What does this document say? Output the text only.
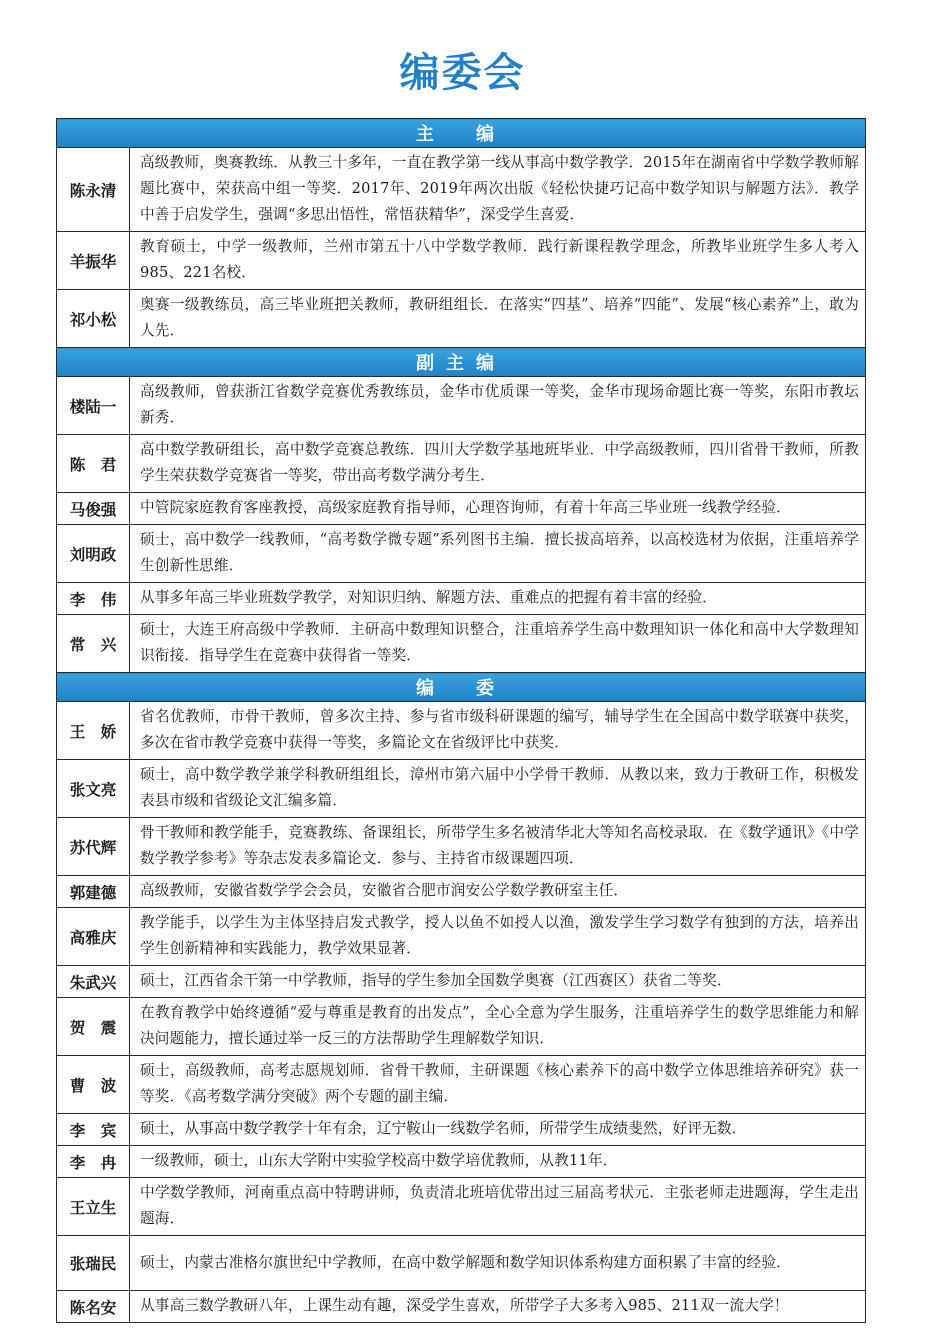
编委会
主　编	
陈永清	高级教师，奥赛教练．从教三十多年，一直在教学第一线从事高中数学教学．2015年在湖南省中学数学教师解题比赛中，荣获高中组一等奖．2017年、2019年两次出版《轻松快捷巧记高中数学知识与解题方法》．教学中善于启发学生，强调“多思出悟性，常悟获精华”，深受学生喜爱．
羊振华	教育硕士，中学一级教师，兰州市第五十八中学数学教师．践行新课程教学理念，所教毕业班学生多人考入985、221名校．
祁小松	奥赛一级教练员，高三毕业班把关教师，教研组组长．在落实“四基”、培养“四能”、发展“核心素养”上，敢为人先．
副主编	
楼陆一	高级教师，曾获浙江省数学竞赛优秀教练员，金华市优质课一等奖，金华市现场命题比赛一等奖，东阳市教坛新秀．
陈　君	高中数学教研组长，高中数学竞赛总教练．四川大学数学基地班毕业．中学高级教师，四川省骨干教师，所教学生荣获数学竞赛省一等奖，带出高考数学满分考生．
马俊强	中管院家庭教育客座教授，高级家庭教育指导师，心理咨询师，有着十年高三毕业班一线教学经验．
刘明政	硕士，高中数学一线教师，“高考数学微专题”系列图书主编．擅长拔高培养，以高校选材为依据，注重培养学生创新性思维．
李　伟	从事多年高三毕业班数学教学，对知识归纳、解题方法、重难点的把握有着丰富的经验．
常　兴	硕士，大连王府高级中学教师．主研高中数理知识整合，注重培养学生高中数理知识一体化和高中大学数理知识衔接．指导学生在竞赛中获得省一等奖．
编　委	
王　娇	省名优教师，市骨干教师，曾多次主持、参与省市级科研课题的编写，辅导学生在全国高中数学联赛中获奖，多次在省市教学竞赛中获得一等奖，多篇论文在省级评比中获奖．
张文亮	硕士，高中数学教学兼学科教研组组长，漳州市第六届中小学骨干教师．从教以来，致力于教研工作，积极发表县市级和省级论文汇编多篇．
苏代辉	骨干教师和教学能手，竞赛教练、备课组长，所带学生多名被清华北大等知名高校录取．在《数学通讯》《中学数学教学参考》等杂志发表多篇论文．参与、主持省市级课题四项．
郭建德	高级教师，安徽省数学学会会员，安徽省合肥市润安公学数学教研室主任．
高雅庆	教学能手，以学生为主体坚持启发式教学，授人以鱼不如授人以渔，激发学生学习数学有独到的方法，培养出学生创新精神和实践能力，教学效果显著．
朱武兴	硕士，江西省余干第一中学教师，指导的学生参加全国数学奥赛（江西赛区）获省二等奖．
贺　震	在教育教学中始终遵循“爱与尊重是教育的出发点”，全心全意为学生服务，注重培养学生的数学思维能力和解决问题能力，擅长通过举一反三的方法帮助学生理解数学知识．
曹　波	硕士，高级教师，高考志愿规划师．省骨干教师，主研课题《核心素养下的高中数学立体思维培养研究》获一等奖．《高考数学满分突破》两个专题的副主编．
李　宾	硕士，从事高中数学教学十年有余，辽宁鞍山一线数学名师，所带学生成绩斐然，好评无数．
李　冉	一级教师，硕士，山东大学附中实验学校高中数学培优教师，从教11年．
王立生	中学数学教师，河南重点高中特聘讲师，负责清北班培优带出过三届高考状元．主张老师走进题海，学生走出题海．
张瑞民	硕士，内蒙古准格尔旗世纪中学教师，在高中数学解题和数学知识体系构建方面积累了丰富的经验．
陈名安	从事高三数学教研八年，上课生动有趣，深受学生喜欢，所带学子大多考入985、211双一流大学！
